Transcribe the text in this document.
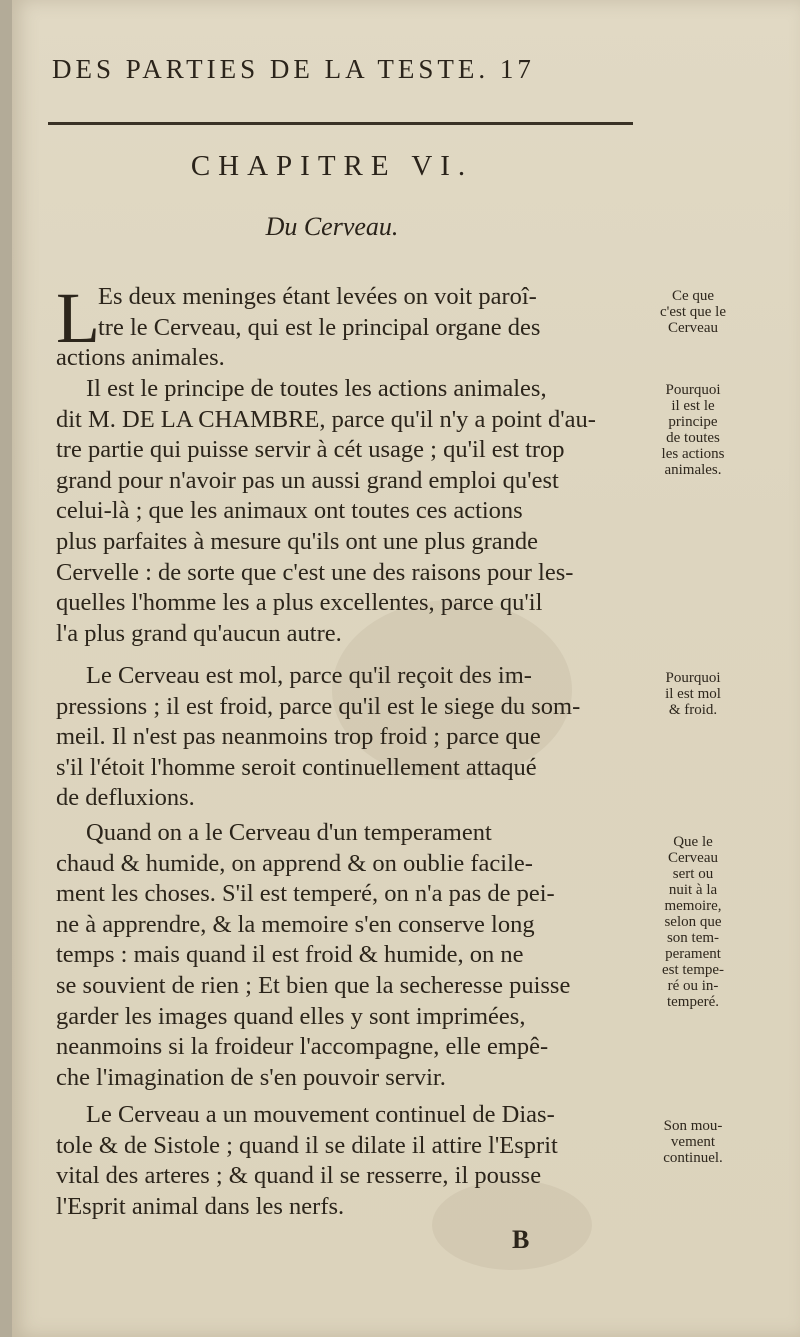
DES PARTIES DE LA TESTE. 17
CHAPITRE VI.
Du Cerveau.
L
Es deux meninges étant levées on voit paroî-
tre le Cerveau, qui est le principal organe des
actions animales.
Il est le principe de toutes les actions animales,
dit M. DE LA CHAMBRE, parce qu'il n'y a point d'au-
tre partie qui puisse servir à cét usage ; qu'il est trop
grand pour n'avoir pas un aussi grand emploi qu'est
celui-là ; que les animaux ont toutes ces actions
plus parfaites à mesure qu'ils ont une plus grande
Cervelle : de sorte que c'est une des raisons pour les-
quelles l'homme les a plus excellentes, parce qu'il
l'a plus grand qu'aucun autre.
Le Cerveau est mol, parce qu'il reçoit des im-
pressions ; il est froid, parce qu'il est le siege du som-
meil. Il n'est pas neanmoins trop froid ; parce que
s'il l'étoit l'homme seroit continuellement attaqué
de defluxions.
Quand on a le Cerveau d'un temperament
chaud & humide, on apprend & on oublie facile-
ment les choses. S'il est temperé, on n'a pas de pei-
ne à apprendre, & la memoire s'en conserve long
temps : mais quand il est froid & humide, on ne
se souvient de rien ; Et bien que la secheresse puisse
garder les images quand elles y sont imprimées,
neanmoins si la froideur l'accompagne, elle empê-
che l'imagination de s'en pouvoir servir.
Le Cerveau a un mouvement continuel de Dias-
tole & de Sistole ; quand il se dilate il attire l'Esprit
vital des arteres ; & quand il se resserre, il pousse
l'Esprit animal dans les nerfs.
Ce que
c'est que le
Cerveau
Pourquoi
il est le
principe
de toutes
les actions
animales.
Pourquoi
il est mol
& froid.
Que le
Cerveau
sert ou
nuit à la
memoire,
selon que
son tem-
perament
est tempe-
ré ou in-
temperé.
Son mou-
vement
continuel.
B
